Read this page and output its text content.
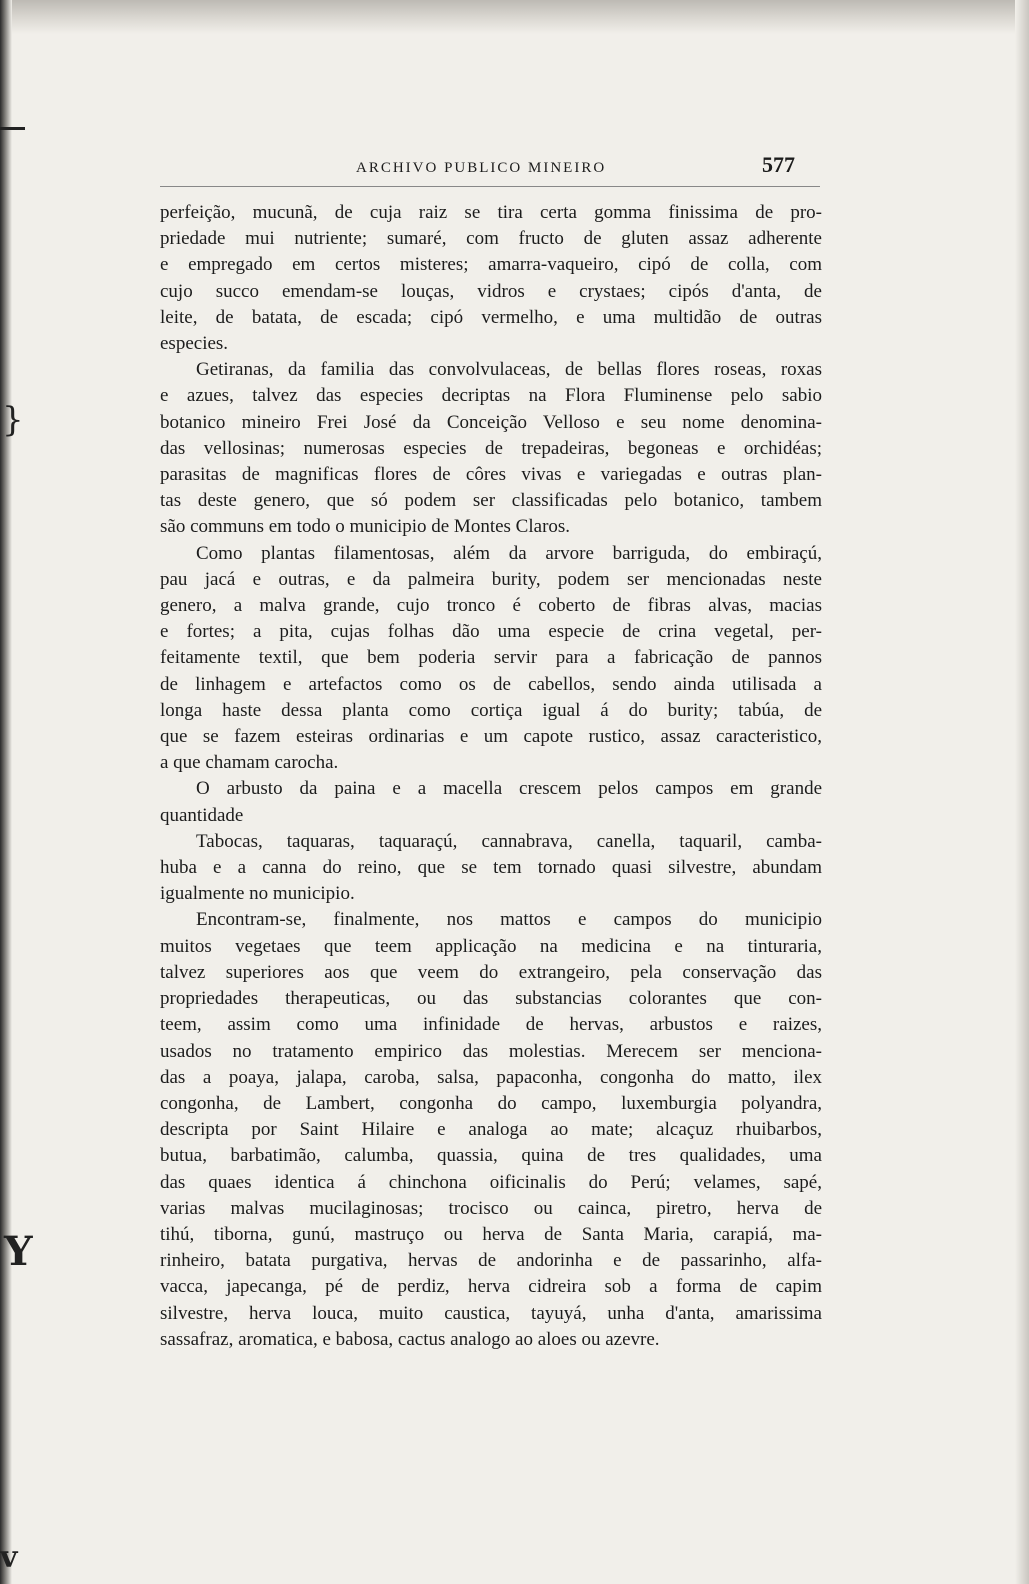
⎯
}
Y
v
ARCHIVO PUBLICO MINEIRO	577

perfeição, mucunã, de cuja raiz se tira certa gomma finissima de pro-
priedade mui nutriente; sumaré, com fructo de gluten assaz adherente
e empregado em certos misteres; amarra-vaqueiro, cipó de colla, com
cujo succo emendam-se louças, vidros e crystaes; cipós d'anta, de
leite, de batata, de escada; cipó vermelho, e uma multidão de outras
especies.

Getiranas, da familia das convolvulaceas, de bellas flores roseas, roxas
e azues, talvez das especies decriptas na Flora Fluminense pelo sabio
botanico mineiro Frei José da Conceição Velloso e seu nome denomina-
das vellosinas; numerosas especies de trepadeiras, begoneas e orchidéas;
parasitas de magnificas flores de côres vivas e variegadas e outras plan-
tas deste genero, que só podem ser classificadas pelo botanico, tambem
são communs em todo o municipio de Montes Claros.

Como plantas filamentosas, além da arvore barriguda, do embiraçú,
pau jacá e outras, e da palmeira burity, podem ser mencionadas neste
genero, a malva grande, cujo tronco é coberto de fibras alvas, macias
e fortes; a pita, cujas folhas dão uma especie de crina vegetal, per-
feitamente textil, que bem poderia servir para a fabricação de pannos
de linhagem e artefactos como os de cabellos, sendo ainda utilisada a
longa haste dessa planta como cortiça igual á do burity; tabúa, de
que se fazem esteiras ordinarias e um capote rustico, assaz caracteristico,
a que chamam carocha.

O arbusto da paina e a macella crescem pelos campos em grande
quantidade

Tabocas, taquaras, taquaraçú, cannabrava, canella, taquaril, camba-
huba e a canna do reino, que se tem tornado quasi silvestre, abundam
igualmente no municipio.

Encontram-se, finalmente, nos mattos e campos do municipio
muitos vegetaes que teem applicação na medicina e na tinturaria,
talvez superiores aos que veem do extrangeiro, pela conservação das
propriedades therapeuticas, ou das substancias colorantes que con-
teem, assim como uma infinidade de hervas, arbustos e raizes,
usados no tratamento empirico das molestias. Merecem ser menciona-
das a poaya, jalapa, caroba, salsa, papaconha, congonha do matto, ilex
congonha, de Lambert, congonha do campo, luxemburgia polyandra,
descripta por Saint Hilaire e analoga ao mate; alcaçuz rhuibarbos,
butua, barbatimão, calumba, quassia, quina de tres qualidades, uma
das quaes identica á chinchona oificinalis do Perú; velames, sapé,
varias malvas mucilaginosas; trocisco ou cainca, piretro, herva de
tihú, tiborna, gunú, mastruço ou herva de Santa Maria, carapiá, ma-
rinheiro, batata purgativa, hervas de andorinha e de passarinho, alfa-
vacca, japecanga, pé de perdiz, herva cidreira sob a forma de capim
silvestre, herva louca, muito caustica, tayuyá, unha d'anta, amarissima
sassafraz, aromatica, e babosa, cactus analogo ao aloes ou azevre.
